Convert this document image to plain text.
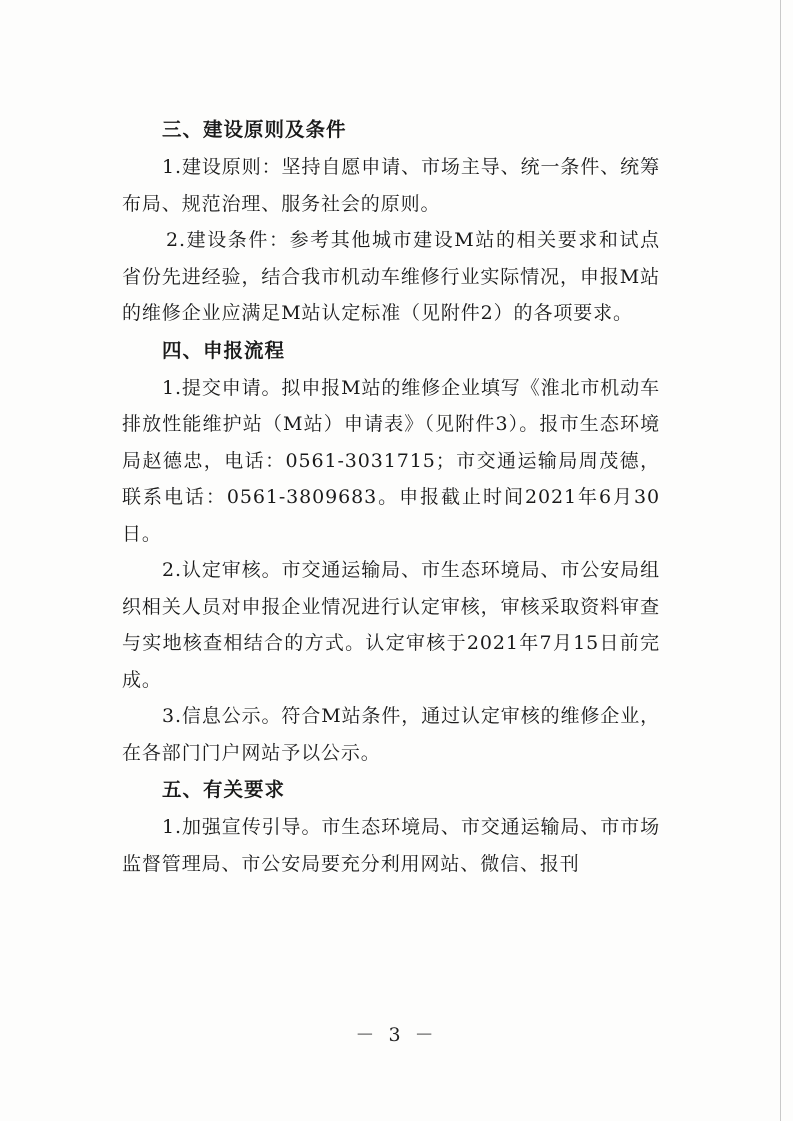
三、建设原则及条件

1.建设原则：坚持自愿申请、市场主导、统一条件、统筹布局、规范治理、服务社会的原则。

2.建设条件：参考其他城市建设M站的相关要求和试点省份先进经验，结合我市机动车维修行业实际情况，申报M站的维修企业应满足M站认定标准（见附件2）的各项要求。

四、申报流程

1.提交申请。拟申报M站的维修企业填写《淮北市机动车排放性能维护站（M站）申请表》（见附件3）。报市生态环境局赵德忠，电话：0561-3031715；市交通运输局周茂德，联系电话：0561-3809683。申报截止时间2021年6月30日。

2.认定审核。市交通运输局、市生态环境局、市公安局组织相关人员对申报企业情况进行认定审核，审核采取资料审查与实地核查相结合的方式。认定审核于2021年7月15日前完成。

3.信息公示。符合M站条件，通过认定审核的维修企业，在各部门门户网站予以公示。

五、有关要求

1.加强宣传引导。市生态环境局、市交通运输局、市市场监督管理局、市公安局要充分利用网站、微信、报刊

－ 3 －
